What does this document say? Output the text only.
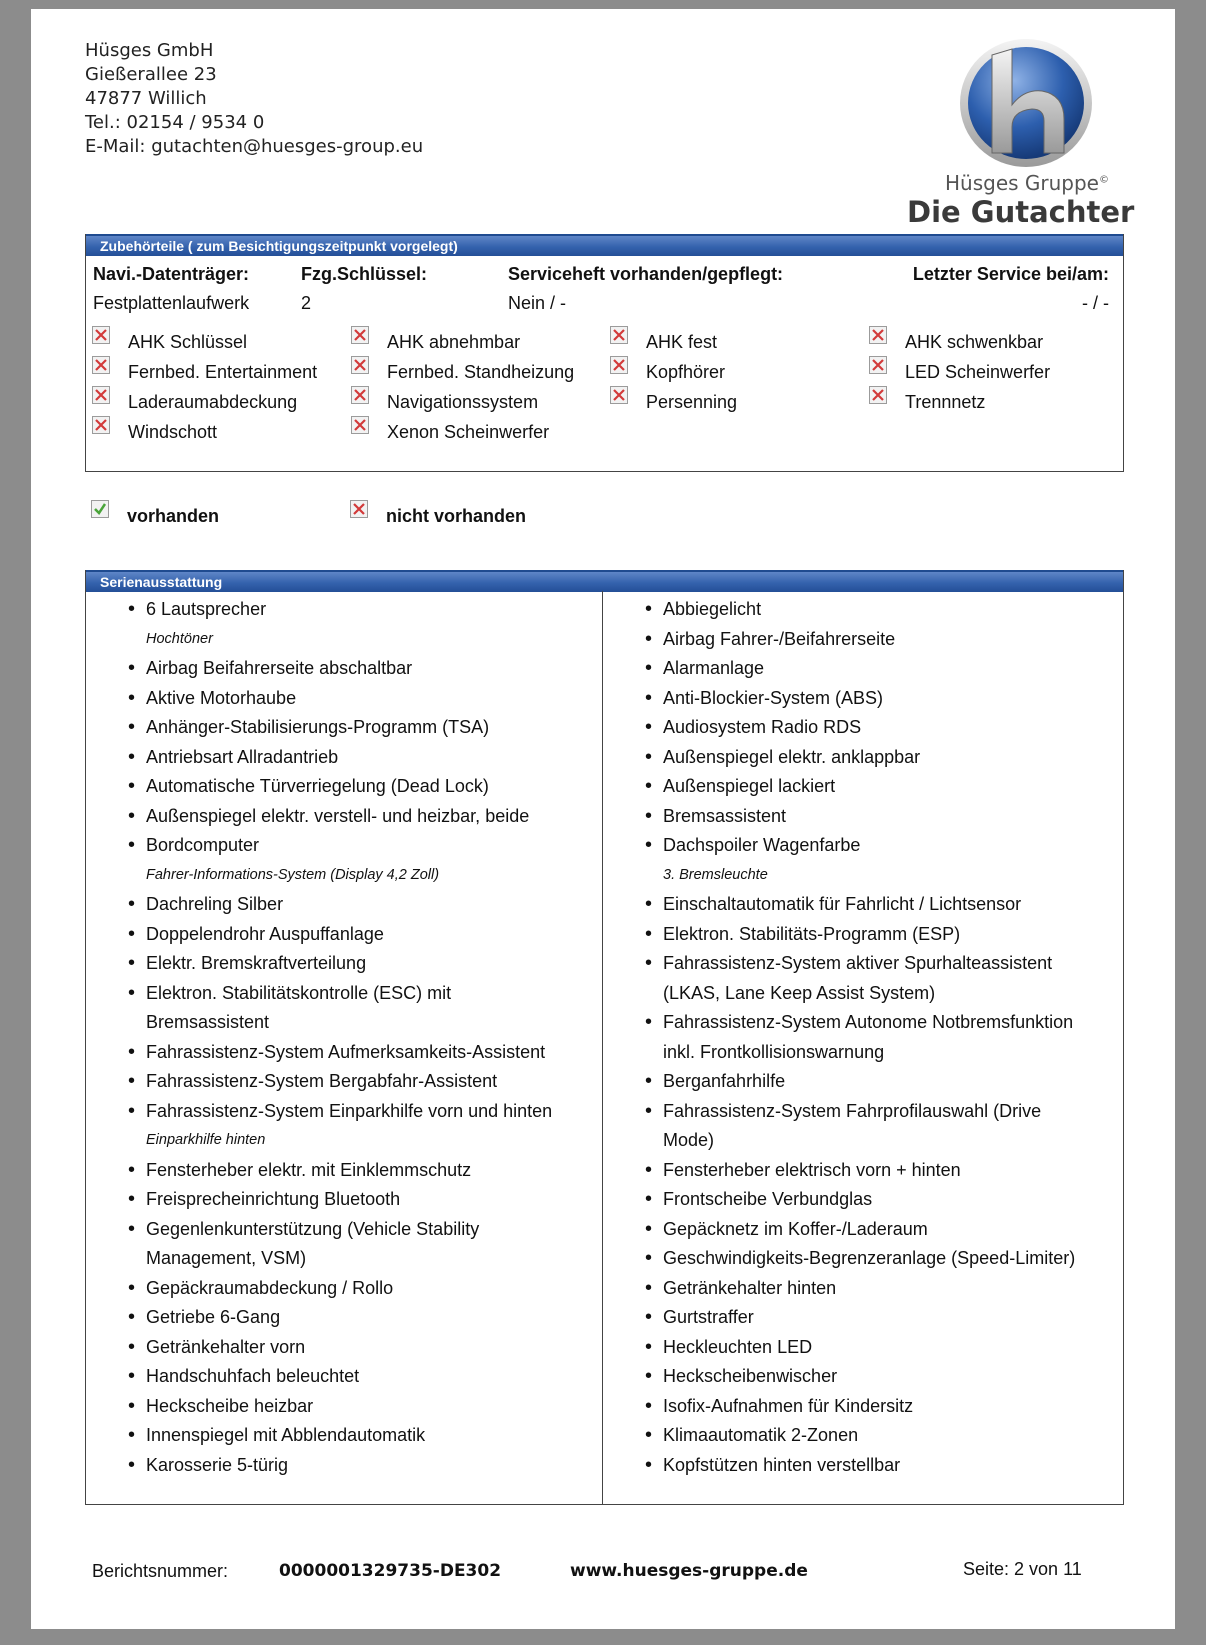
Hüsges GmbH
Gießerallee 23
47877 Willich
Tel.: 02154 / 9534 0
E-Mail: gutachten@huesges-group.eu
Hüsges Gruppe©
Die Gutachter
Zubehörteile ( zum Besichtigungszeitpunkt vorgelegt)
Navi.-Datenträger:	Fzg.Schlüssel:	Serviceheft vorhanden/gepflegt:	Letzter Service bei/am:
Festplattenlaufwerk	2	Nein / -	- / -
AHK Schlüssel	AHK abnehmbar	AHK fest	AHK schwenkbar
Fernbed. Entertainment	Fernbed. Standheizung	Kopfhörer	LED Scheinwerfer
Laderaumabdeckung	Navigationssystem	Persenning	Trennnetz
Windschott	Xenon Scheinwerfer
vorhanden	nicht vorhanden
Serienausstattung
• 6 Lautsprecher
Hochtöner
• Airbag Beifahrerseite abschaltbar
• Aktive Motorhaube
• Anhänger-Stabilisierungs-Programm (TSA)
• Antriebsart Allradantrieb
• Automatische Türverriegelung (Dead Lock)
• Außenspiegel elektr. verstell- und heizbar, beide
• Bordcomputer
Fahrer-Informations-System (Display 4,2 Zoll)
• Dachreling Silber
• Doppelendrohr Auspuffanlage
• Elektr. Bremskraftverteilung
• Elektron. Stabilitätskontrolle (ESC) mit
Bremsassistent
• Fahrassistenz-System Aufmerksamkeits-Assistent
• Fahrassistenz-System Bergabfahr-Assistent
• Fahrassistenz-System Einparkhilfe vorn und hinten
Einparkhilfe hinten
• Fensterheber elektr. mit Einklemmschutz
• Freisprecheinrichtung Bluetooth
• Gegenlenkunterstützung (Vehicle Stability
Management, VSM)
• Gepäckraumabdeckung / Rollo
• Getriebe 6-Gang
• Getränkehalter vorn
• Handschuhfach beleuchtet
• Heckscheibe heizbar
• Innenspiegel mit Abblendautomatik
• Karosserie 5-türig
• Abbiegelicht
• Airbag Fahrer-/Beifahrerseite
• Alarmanlage
• Anti-Blockier-System (ABS)
• Audiosystem Radio RDS
• Außenspiegel elektr. anklappbar
• Außenspiegel lackiert
• Bremsassistent
• Dachspoiler Wagenfarbe
3. Bremsleuchte
• Einschaltautomatik für Fahrlicht / Lichtsensor
• Elektron. Stabilitäts-Programm (ESP)
• Fahrassistenz-System aktiver Spurhalteassistent
(LKAS, Lane Keep Assist System)
• Fahrassistenz-System Autonome Notbremsfunktion
inkl. Frontkollisionswarnung
• Berganfahrhilfe
• Fahrassistenz-System Fahrprofilauswahl (Drive
Mode)
• Fensterheber elektrisch vorn + hinten
• Frontscheibe Verbundglas
• Gepäcknetz im Koffer-/Laderaum
• Geschwindigkeits-Begrenzeranlage (Speed-Limiter)
• Getränkehalter hinten
• Gurtstraffer
• Heckleuchten LED
• Heckscheibenwischer
• Isofix-Aufnahmen für Kindersitz
• Klimaautomatik 2-Zonen
• Kopfstützen hinten verstellbar
Berichtsnummer:	0000001329735-DE302	www.huesges-gruppe.de	Seite: 2 von 11
